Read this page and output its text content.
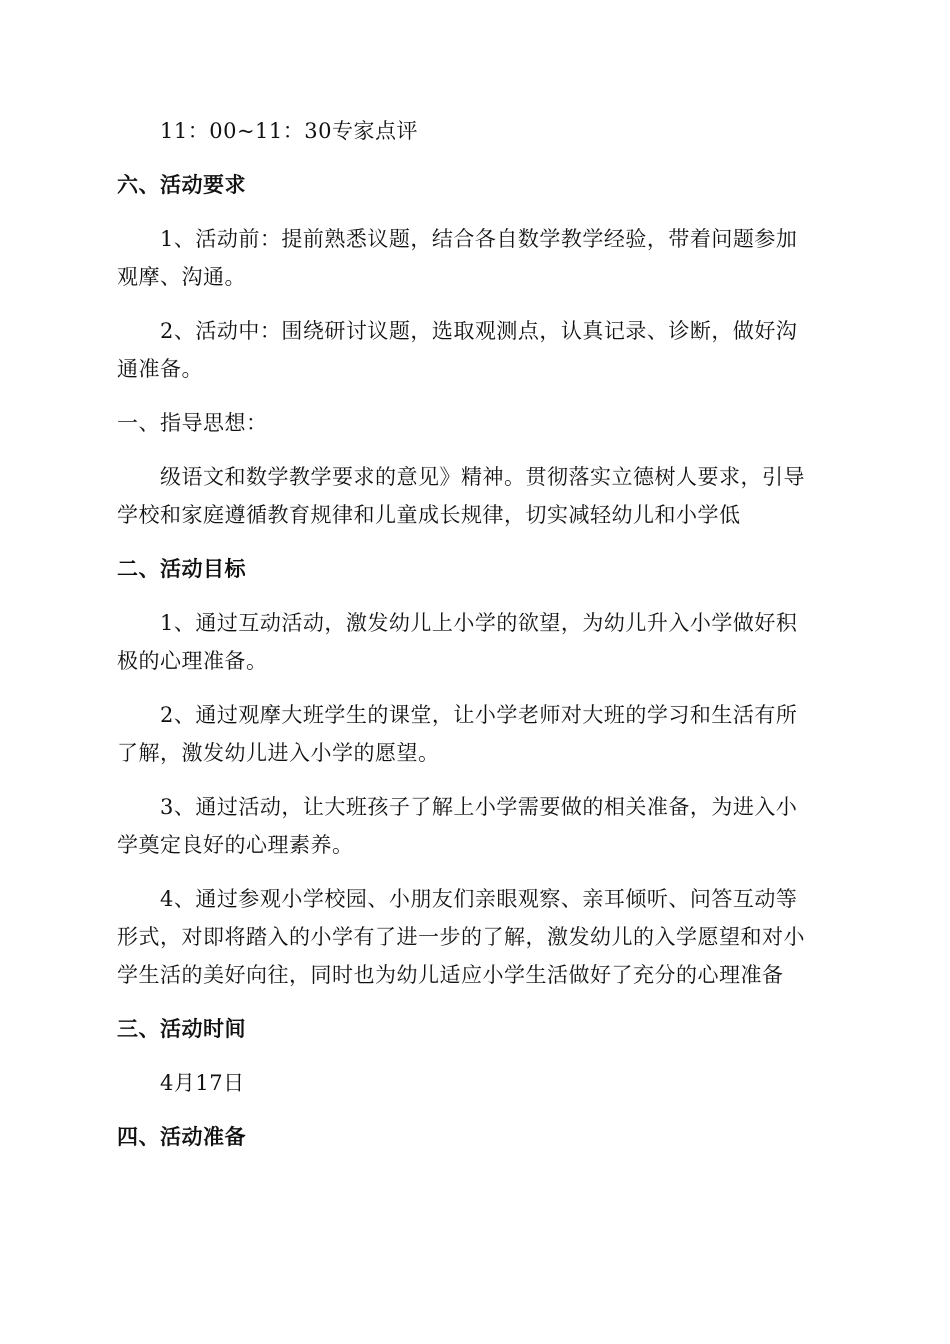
11：00~11：30专家点评
六、活动要求
1、活动前：提前熟悉议题，结合各自数学教学经验，带着问题参加
观摩、沟通。
2、活动中：围绕研讨议题，选取观测点，认真记录、诊断，做好沟
通准备。
一、指导思想：
级语文和数学教学要求的意见》精神。贯彻落实立德树人要求，引导
学校和家庭遵循教育规律和儿童成长规律，切实减轻幼儿和小学低
二、活动目标
1、通过互动活动，激发幼儿上小学的欲望，为幼儿升入小学做好积
极的心理准备。
2、通过观摩大班学生的课堂，让小学老师对大班的学习和生活有所
了解，激发幼儿进入小学的愿望。
3、通过活动，让大班孩子了解上小学需要做的相关准备，为进入小
学奠定良好的心理素养。
4、通过参观小学校园、小朋友们亲眼观察、亲耳倾听、问答互动等
形式，对即将踏入的小学有了进一步的了解，激发幼儿的入学愿望和对小
学生活的美好向往，同时也为幼儿适应小学生活做好了充分的心理准备
三、活动时间
4月17日
四、活动准备
